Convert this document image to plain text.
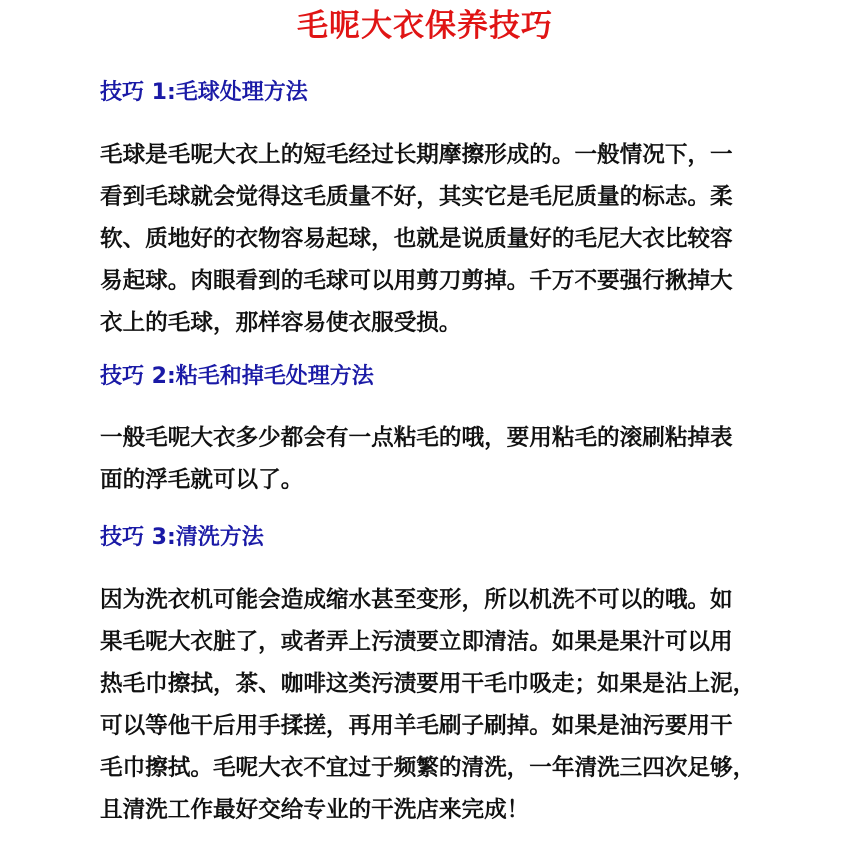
毛呢大衣保养技巧
技巧 1:毛球处理方法
毛球是毛呢大衣上的短毛经过长期摩擦形成的。一般情况下，一
看到毛球就会觉得这毛质量不好，其实它是毛尼质量的标志。柔
软、质地好的衣物容易起球，也就是说质量好的毛尼大衣比较容
易起球。肉眼看到的毛球可以用剪刀剪掉。千万不要强行揪掉大
衣上的毛球，那样容易使衣服受损。
技巧 2:粘毛和掉毛处理方法
一般毛呢大衣多少都会有一点粘毛的哦，要用粘毛的滚刷粘掉表
面的浮毛就可以了。
技巧 3:清洗方法
因为洗衣机可能会造成缩水甚至变形，所以机洗不可以的哦。如
果毛呢大衣脏了，或者弄上污渍要立即清洁。如果是果汁可以用
热毛巾擦拭，茶、咖啡这类污渍要用干毛巾吸走；如果是沾上泥，
可以等他干后用手揉搓，再用羊毛刷子刷掉。如果是油污要用干
毛巾擦拭。毛呢大衣不宜过于频繁的清洗，一年清洗三四次足够，
且清洗工作最好交给专业的干洗店来完成！
